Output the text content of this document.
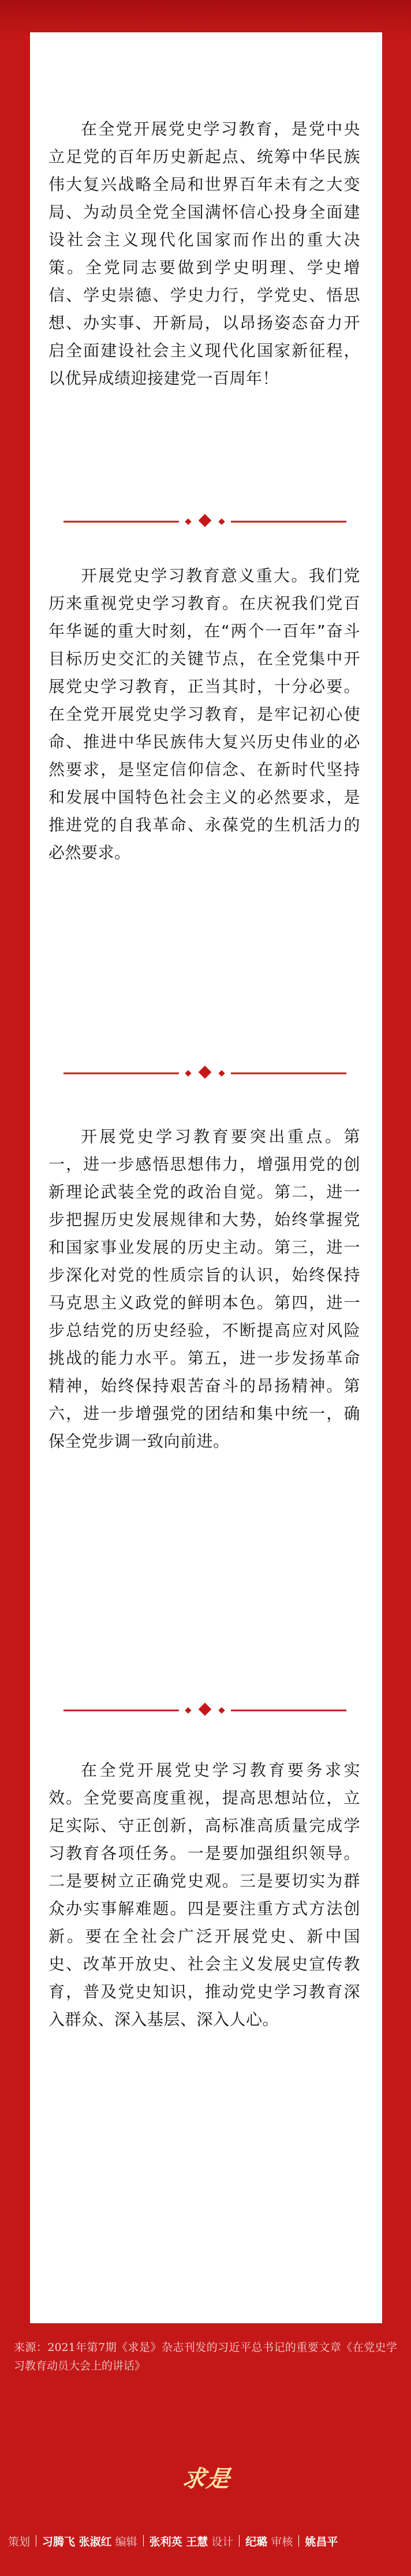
在全党开展党史学习教育，是党中央立足党的百年历史新起点、统筹中华民族伟大复兴战略全局和世界百年未有之大变局、为动员全党全国满怀信心投身全面建设社会主义现代化国家而作出的重大决策。全党同志要做到学史明理、学史增信、学史崇德、学史力行，学党史、悟思想、办实事、开新局，以昂扬姿态奋力开启全面建设社会主义现代化国家新征程，以优异成绩迎接建党一百周年！

开展党史学习教育意义重大。我们党历来重视党史学习教育。在庆祝我们党百年华诞的重大时刻，在“两个一百年”奋斗目标历史交汇的关键节点，在全党集中开展党史学习教育，正当其时，十分必要。在全党开展党史学习教育，是牢记初心使命、推进中华民族伟大复兴历史伟业的必然要求，是坚定信仰信念、在新时代坚持和发展中国特色社会主义的必然要求，是推进党的自我革命、永葆党的生机活力的必然要求。

开展党史学习教育要突出重点。第一，进一步感悟思想伟力，增强用党的创新理论武装全党的政治自觉。第二，进一步把握历史发展规律和大势，始终掌握党和国家事业发展的历史主动。第三，进一步深化对党的性质宗旨的认识，始终保持马克思主义政党的鲜明本色。第四，进一步总结党的历史经验，不断提高应对风险挑战的能力水平。第五，进一步发扬革命精神，始终保持艰苦奋斗的昂扬精神。第六，进一步增强党的团结和集中统一，确保全党步调一致向前进。

在全党开展党史学习教育要务求实效。全党要高度重视，提高思想站位，立足实际、守正创新，高标准高质量完成学习教育各项任务。一是要加强组织领导。二是要树立正确党史观。三是要切实为群众办实事解难题。四是要注重方式方法创新。要在全社会广泛开展党史、新中国史、改革开放史、社会主义发展史宣传教育，普及党史知识，推动党史学习教育深入群众、深入基层、深入人心。

来源：2021年第7期《求是》杂志刊发的习近平总书记的重要文章《在党史学习教育动员大会上的讲话》

求是
策划 习腾飞 张淑红 编辑 张利英 王慧 设计 纪璐 审核 姚昌平
